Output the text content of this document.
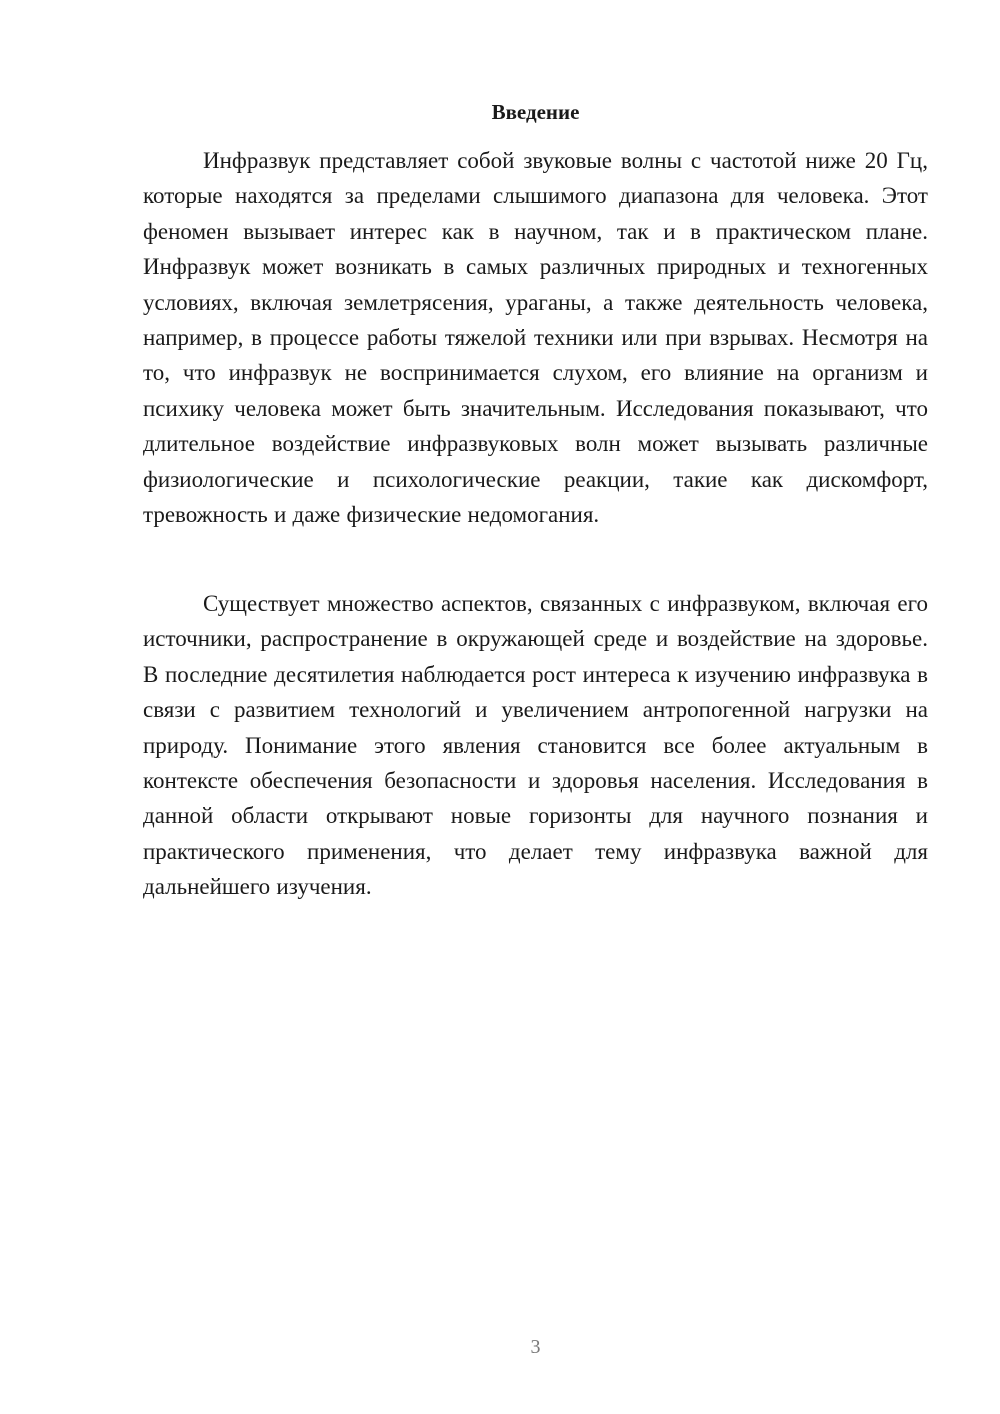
Введение

Инфразвук представляет собой звуковые волны с частотой ниже 20 Гц, которые находятся за пределами слышимого диапазона для человека. Этот феномен вызывает интерес как в научном, так и в практическом плане. Инфразвук может возникать в самых различных природных и техногенных условиях, включая землетрясения, ураганы, а также деятельность человека, например, в процессе работы тяжелой техники или при взрывах. Несмотря на то, что инфразвук не воспринимается слухом, его влияние на организм и психику человека может быть значительным. Исследования показывают, что длительное воздействие инфразвуковых волн может вызывать различные физиологические и психологические реакции, такие как дискомфорт, тревожность и даже физические недомогания.

Существует множество аспектов, связанных с инфразвуком, включая его источники, распространение в окружающей среде и воздействие на здоровье. В последние десятилетия наблюдается рост интереса к изучению инфразвука в связи с развитием технологий и увеличением антропогенной нагрузки на природу. Понимание этого явления становится все более актуальным в контексте обеспечения безопасности и здоровья населения. Исследования в данной области открывают новые горизонты для научного познания и практического применения, что делает тему инфразвука важной для дальнейшего изучения.

3
